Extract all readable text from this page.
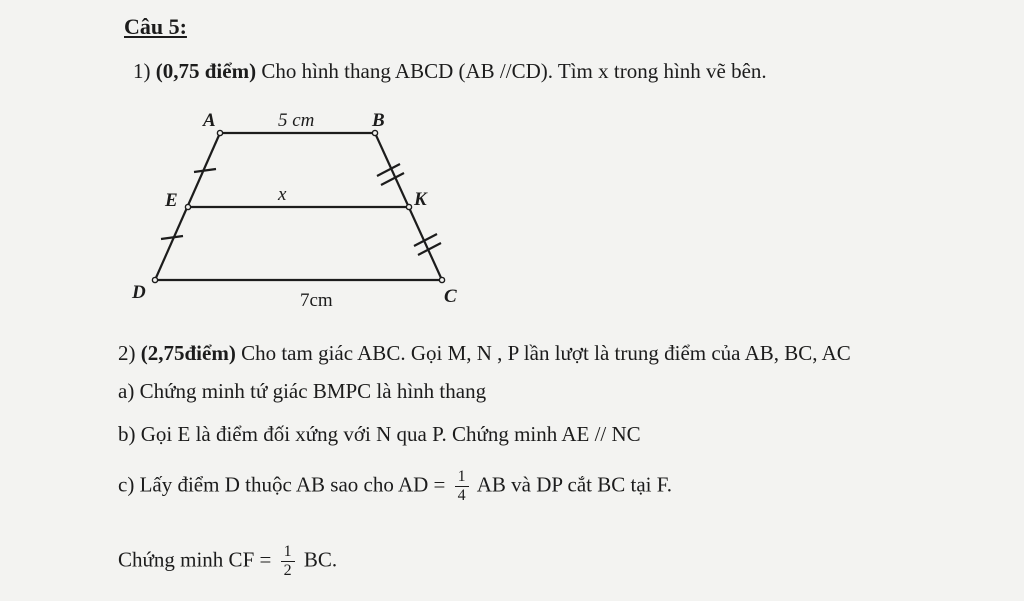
Câu 5:
1) (0,75 điểm) Cho hình thang ABCD (AB //CD). Tìm x trong hình vẽ bên.
A	B
E	K
D	C
5 cm
x
7cm
2) (2,75điểm) Cho tam giác ABC. Gọi M, N , P lần lượt là trung điểm của AB, BC, AC
a) Chứng minh tứ giác BMPC là hình thang
b) Gọi E là điểm đối xứng với N qua P. Chứng minh AE // NC
c) Lấy điểm D thuộc AB sao cho AD = $\frac{1}{4}$ AB và DP cắt BC tại F.
Chứng minh CF = $\frac{1}{2}$ BC.
